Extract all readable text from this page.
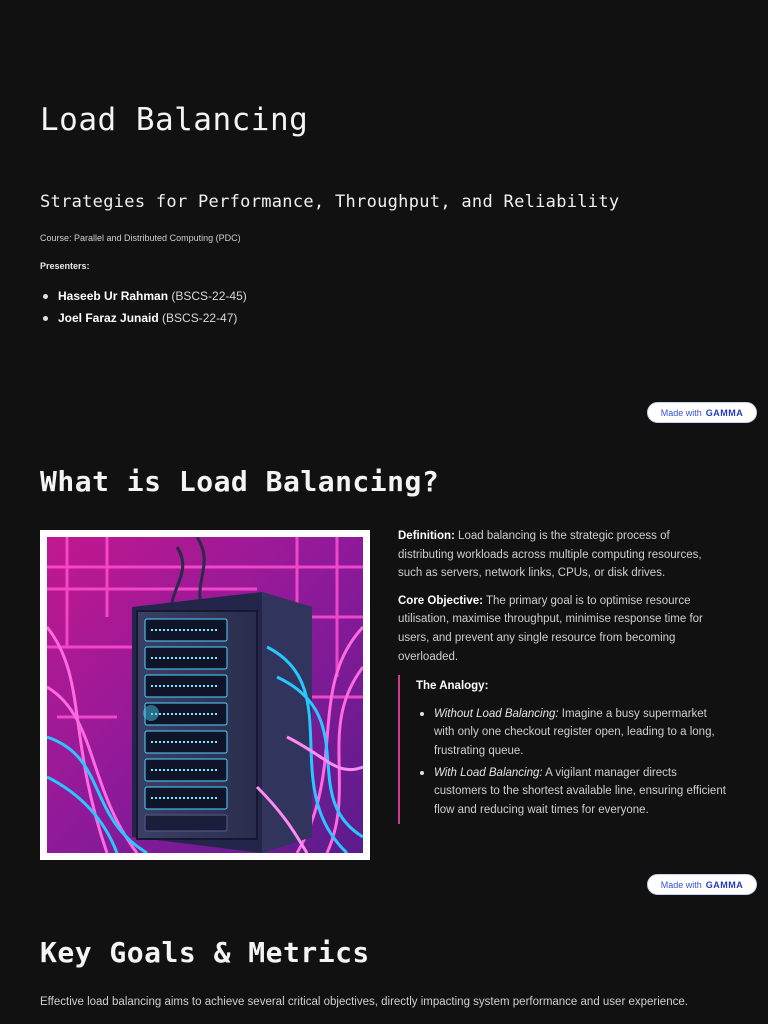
Load Balancing
Strategies for Performance, Throughput, and Reliability
Course: Parallel and Distributed Computing (PDC)
Presenters:
Haseeb Ur Rahman (BSCS-22-45)
Joel Faraz Junaid (BSCS-22-47)
Made with GAMMA
What is Load Balancing?

Definition: Load balancing is the strategic process of distributing workloads across multiple computing resources, such as servers, network links, CPUs, or disk drives.

Core Objective: The primary goal is to optimise resource utilisation, maximise throughput, minimise response time for users, and prevent any single resource from becoming overloaded.

The Analogy:
Without Load Balancing: Imagine a busy supermarket with only one checkout register open, leading to a long, frustrating queue.
With Load Balancing: A vigilant manager directs customers to the shortest available line, ensuring efficient flow and reducing wait times for everyone.
Made with GAMMA
Key Goals & Metrics
Effective load balancing aims to achieve several critical objectives, directly impacting system performance and user experience.
